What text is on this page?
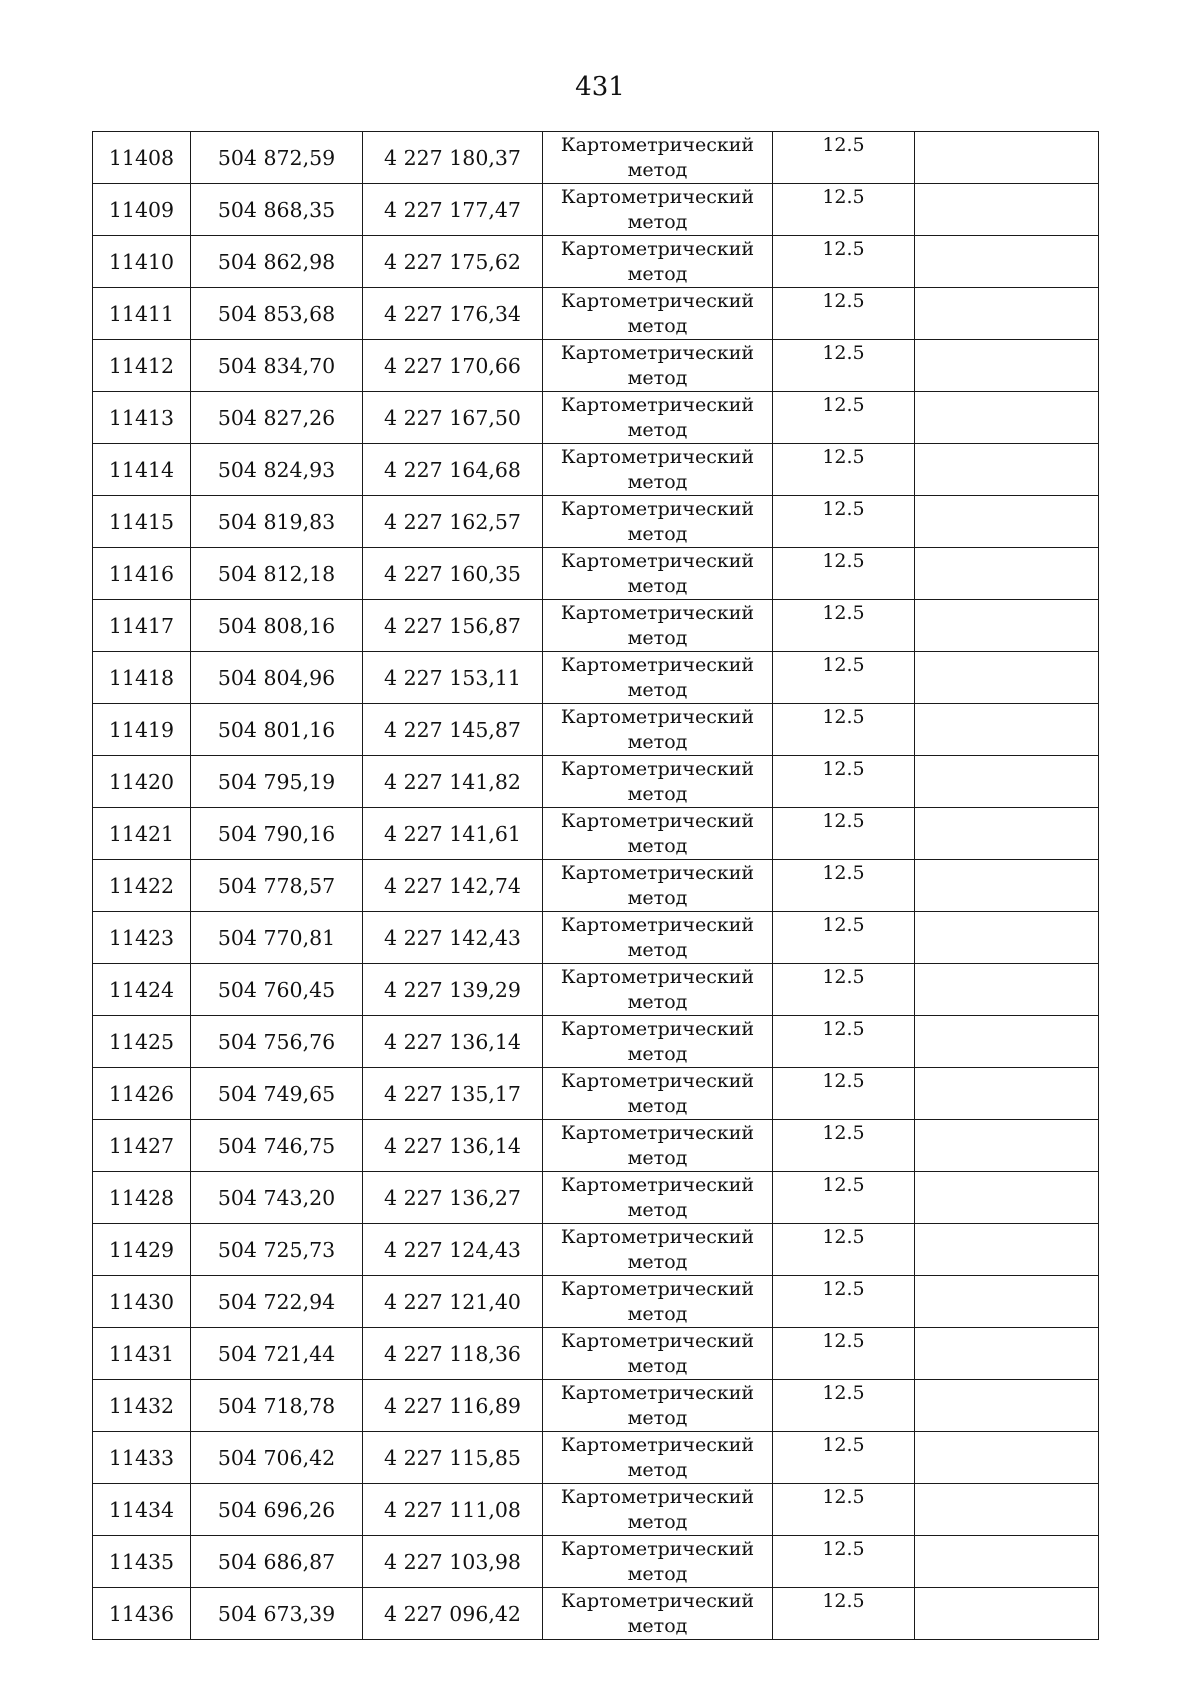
431
11408	504 872,59	4 227 180,37	Картометрический
метод	12.5	
11409	504 868,35	4 227 177,47	Картометрический
метод	12.5	
11410	504 862,98	4 227 175,62	Картометрический
метод	12.5	
11411	504 853,68	4 227 176,34	Картометрический
метод	12.5	
11412	504 834,70	4 227 170,66	Картометрический
метод	12.5	
11413	504 827,26	4 227 167,50	Картометрический
метод	12.5	
11414	504 824,93	4 227 164,68	Картометрический
метод	12.5	
11415	504 819,83	4 227 162,57	Картометрический
метод	12.5	
11416	504 812,18	4 227 160,35	Картометрический
метод	12.5	
11417	504 808,16	4 227 156,87	Картометрический
метод	12.5	
11418	504 804,96	4 227 153,11	Картометрический
метод	12.5	
11419	504 801,16	4 227 145,87	Картометрический
метод	12.5	
11420	504 795,19	4 227 141,82	Картометрический
метод	12.5	
11421	504 790,16	4 227 141,61	Картометрический
метод	12.5	
11422	504 778,57	4 227 142,74	Картометрический
метод	12.5	
11423	504 770,81	4 227 142,43	Картометрический
метод	12.5	
11424	504 760,45	4 227 139,29	Картометрический
метод	12.5	
11425	504 756,76	4 227 136,14	Картометрический
метод	12.5	
11426	504 749,65	4 227 135,17	Картометрический
метод	12.5	
11427	504 746,75	4 227 136,14	Картометрический
метод	12.5	
11428	504 743,20	4 227 136,27	Картометрический
метод	12.5	
11429	504 725,73	4 227 124,43	Картометрический
метод	12.5	
11430	504 722,94	4 227 121,40	Картометрический
метод	12.5	
11431	504 721,44	4 227 118,36	Картометрический
метод	12.5	
11432	504 718,78	4 227 116,89	Картометрический
метод	12.5	
11433	504 706,42	4 227 115,85	Картометрический
метод	12.5	
11434	504 696,26	4 227 111,08	Картометрический
метод	12.5	
11435	504 686,87	4 227 103,98	Картометрический
метод	12.5	
11436	504 673,39	4 227 096,42	Картометрический
метод	12.5	
